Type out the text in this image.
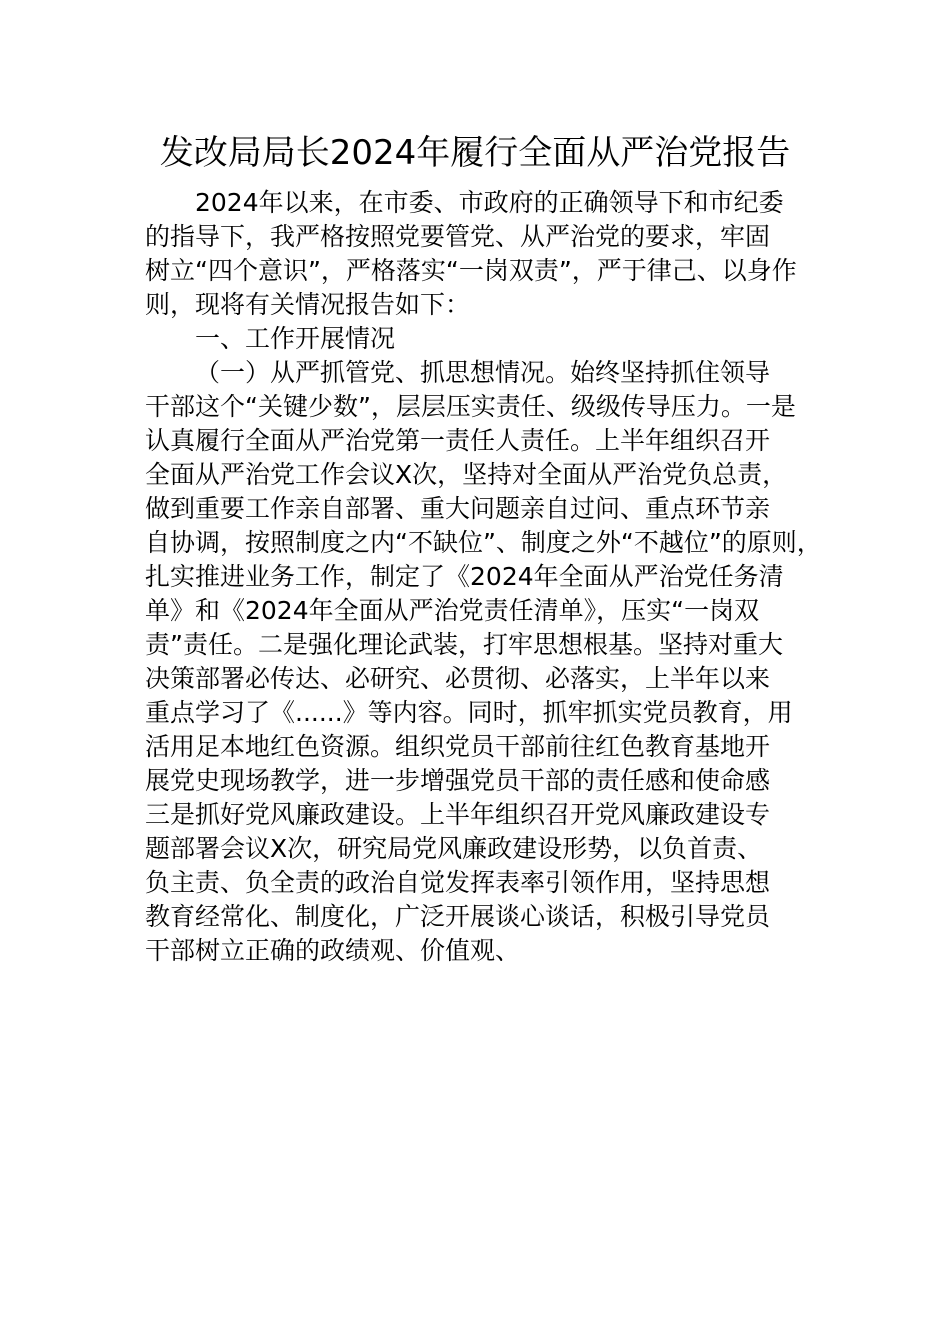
发改局局长2024年履行全面从严治党报告
2024年以来，在市委、市政府的正确领导下和市纪委
的指导下，我严格按照党要管党、从严治党的要求，牢固
树立“四个意识”，严格落实“一岗双责”，严于律己、以身作
则，现将有关情况报告如下：
一、工作开展情况
（一）从严抓管党、抓思想情况。始终坚持抓住领导
干部这个“关键少数”，层层压实责任、级级传导压力。一是
认真履行全面从严治党第一责任人责任。上半年组织召开
全面从严治党工作会议X次，坚持对全面从严治党负总责，
做到重要工作亲自部署、重大问题亲自过问、重点环节亲
自协调，按照制度之内“不缺位”、制度之外“不越位”的原则，
扎实推进业务工作，制定了《2024年全面从严治党任务清
单》和《2024年全面从严治党责任清单》，压实“一岗双
责”责任。二是强化理论武装，打牢思想根基。坚持对重大
决策部署必传达、必研究、必贯彻、必落实，上半年以来
重点学习了《......》等内容。同时，抓牢抓实党员教育，用
活用足本地红色资源。组织党员干部前往红色教育基地开
展党史现场教学，进一步增强党员干部的责任感和使命感
三是抓好党风廉政建设。上半年组织召开党风廉政建设专
题部署会议X次，研究局党风廉政建设形势，以负首责、
负主责、负全责的政治自觉发挥表率引领作用，坚持思想
教育经常化、制度化，广泛开展谈心谈话，积极引导党员
干部树立正确的政绩观、价值观、
